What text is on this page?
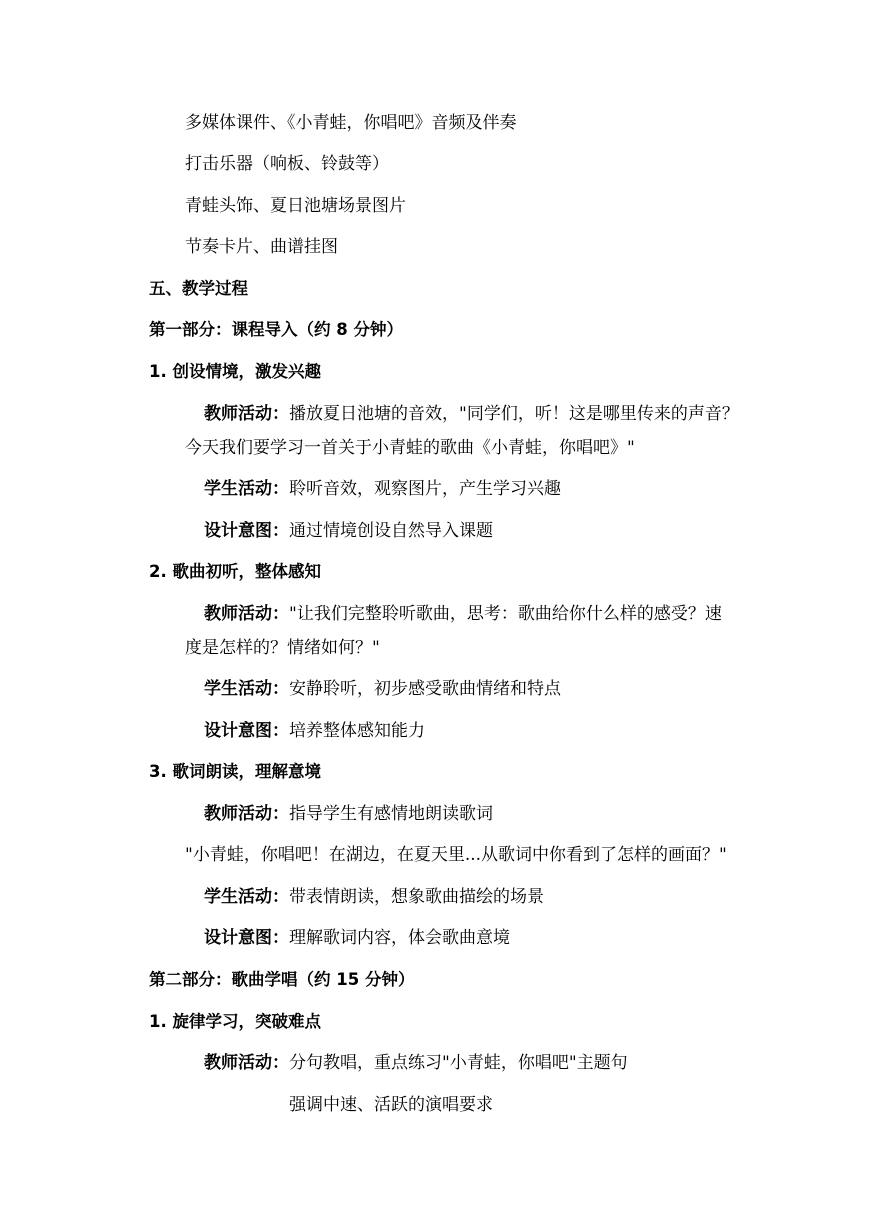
多媒体课件、《小青蛙，你唱吧》音频及伴奏
打击乐器（响板、铃鼓等）
青蛙头饰、夏日池塘场景图片
节奏卡片、曲谱挂图
五、教学过程
第一部分：课程导入（约 8 分钟）
1. 创设情境，激发兴趣
教师活动：播放夏日池塘的音效，"同学们，听！这是哪里传来的声音？
今天我们要学习一首关于小青蛙的歌曲《小青蛙，你唱吧》"
学生活动：聆听音效，观察图片，产生学习兴趣
设计意图：通过情境创设自然导入课题
2. 歌曲初听，整体感知
教师活动："让我们完整聆听歌曲，思考：歌曲给你什么样的感受？速
度是怎样的？情绪如何？"
学生活动：安静聆听，初步感受歌曲情绪和特点
设计意图：培养整体感知能力
3. 歌词朗读，理解意境
教师活动：指导学生有感情地朗读歌词
"小青蛙，你唱吧！在湖边，在夏天里...从歌词中你看到了怎样的画面？"
学生活动：带表情朗读，想象歌曲描绘的场景
设计意图：理解歌词内容，体会歌曲意境
第二部分：歌曲学唱（约 15 分钟）
1. 旋律学习，突破难点
教师活动：分句教唱，重点练习"小青蛙，你唱吧"主题句
强调中速、活跃的演唱要求
